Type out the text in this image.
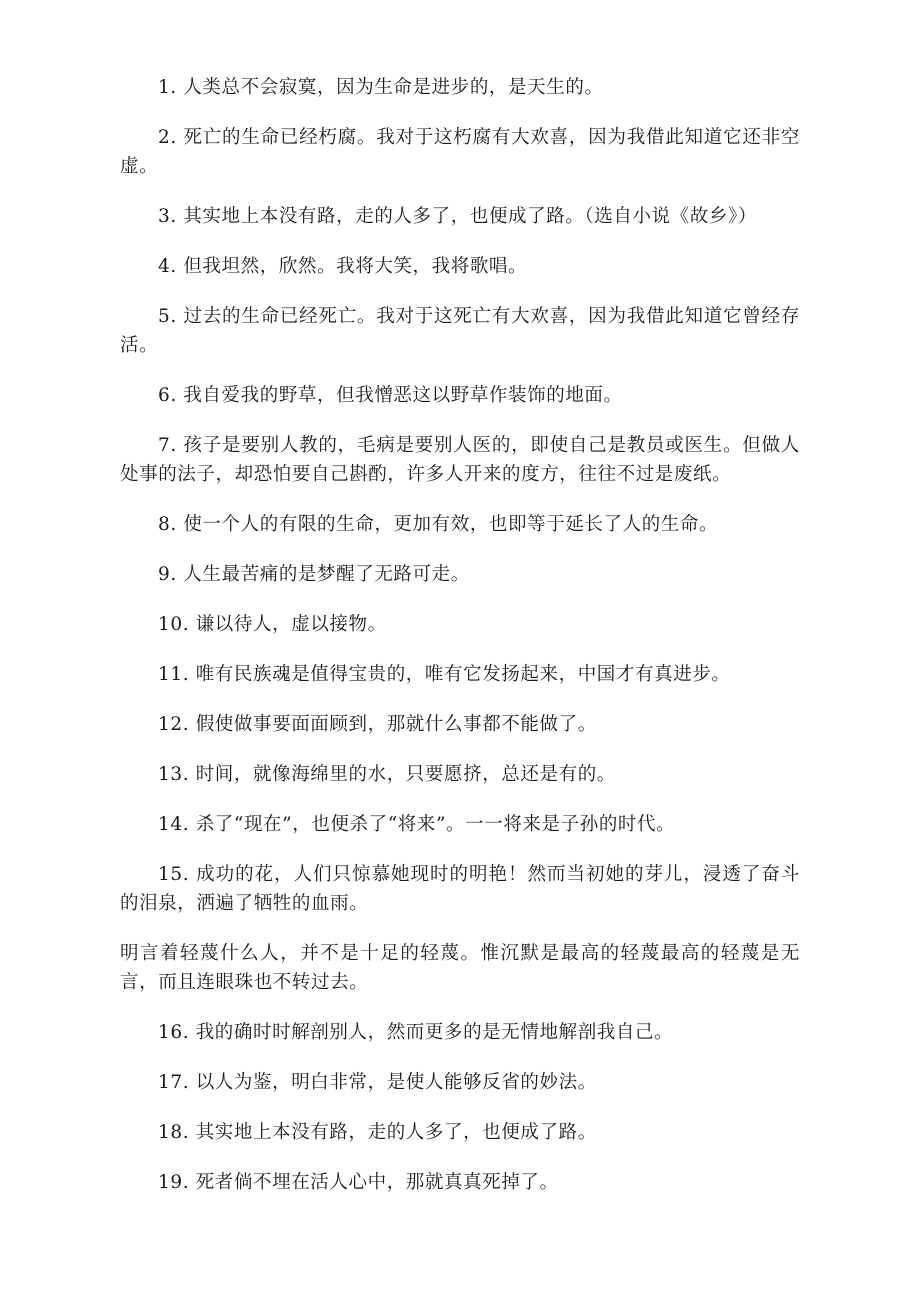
1. 人类总不会寂寞，因为生命是进步的，是天生的。

2. 死亡的生命已经朽腐。我对于这朽腐有大欢喜，因为我借此知道它还非空虚。

3. 其实地上本没有路，走的人多了，也便成了路。（选自小说《故乡》）

4. 但我坦然，欣然。我将大笑，我将歌唱。

5. 过去的生命已经死亡。我对于这死亡有大欢喜，因为我借此知道它曾经存活。

6. 我自爱我的野草，但我憎恶这以野草作装饰的地面。

7. 孩子是要别人教的，毛病是要别人医的，即使自己是教员或医生。但做人处事的法子，却恐怕要自己斟酌，许多人开来的度方，往往不过是废纸。

8. 使一个人的有限的生命，更加有效，也即等于延长了人的生命。

9. 人生最苦痛的是梦醒了无路可走。

10. 谦以待人，虚以接物。

11. 唯有民族魂是值得宝贵的，唯有它发扬起来，中国才有真进步。

12. 假使做事要面面顾到，那就什么事都不能做了。

13. 时间，就像海绵里的水，只要愿挤，总还是有的。

14. 杀了“现在”，也便杀了“将来”。一一将来是子孙的时代。

15. 成功的花，人们只惊慕她现时的明艳！然而当初她的芽儿，浸透了奋斗的泪泉，洒遍了牺牲的血雨。

明言着轻蔑什么人，并不是十足的轻蔑。惟沉默是最高的轻蔑最高的轻蔑是无言，而且连眼珠也不转过去。

16. 我的确时时解剖别人，然而更多的是无情地解剖我自己。

17. 以人为鉴，明白非常，是使人能够反省的妙法。

18. 其实地上本没有路，走的人多了，也便成了路。

19. 死者倘不埋在活人心中，那就真真死掉了。
